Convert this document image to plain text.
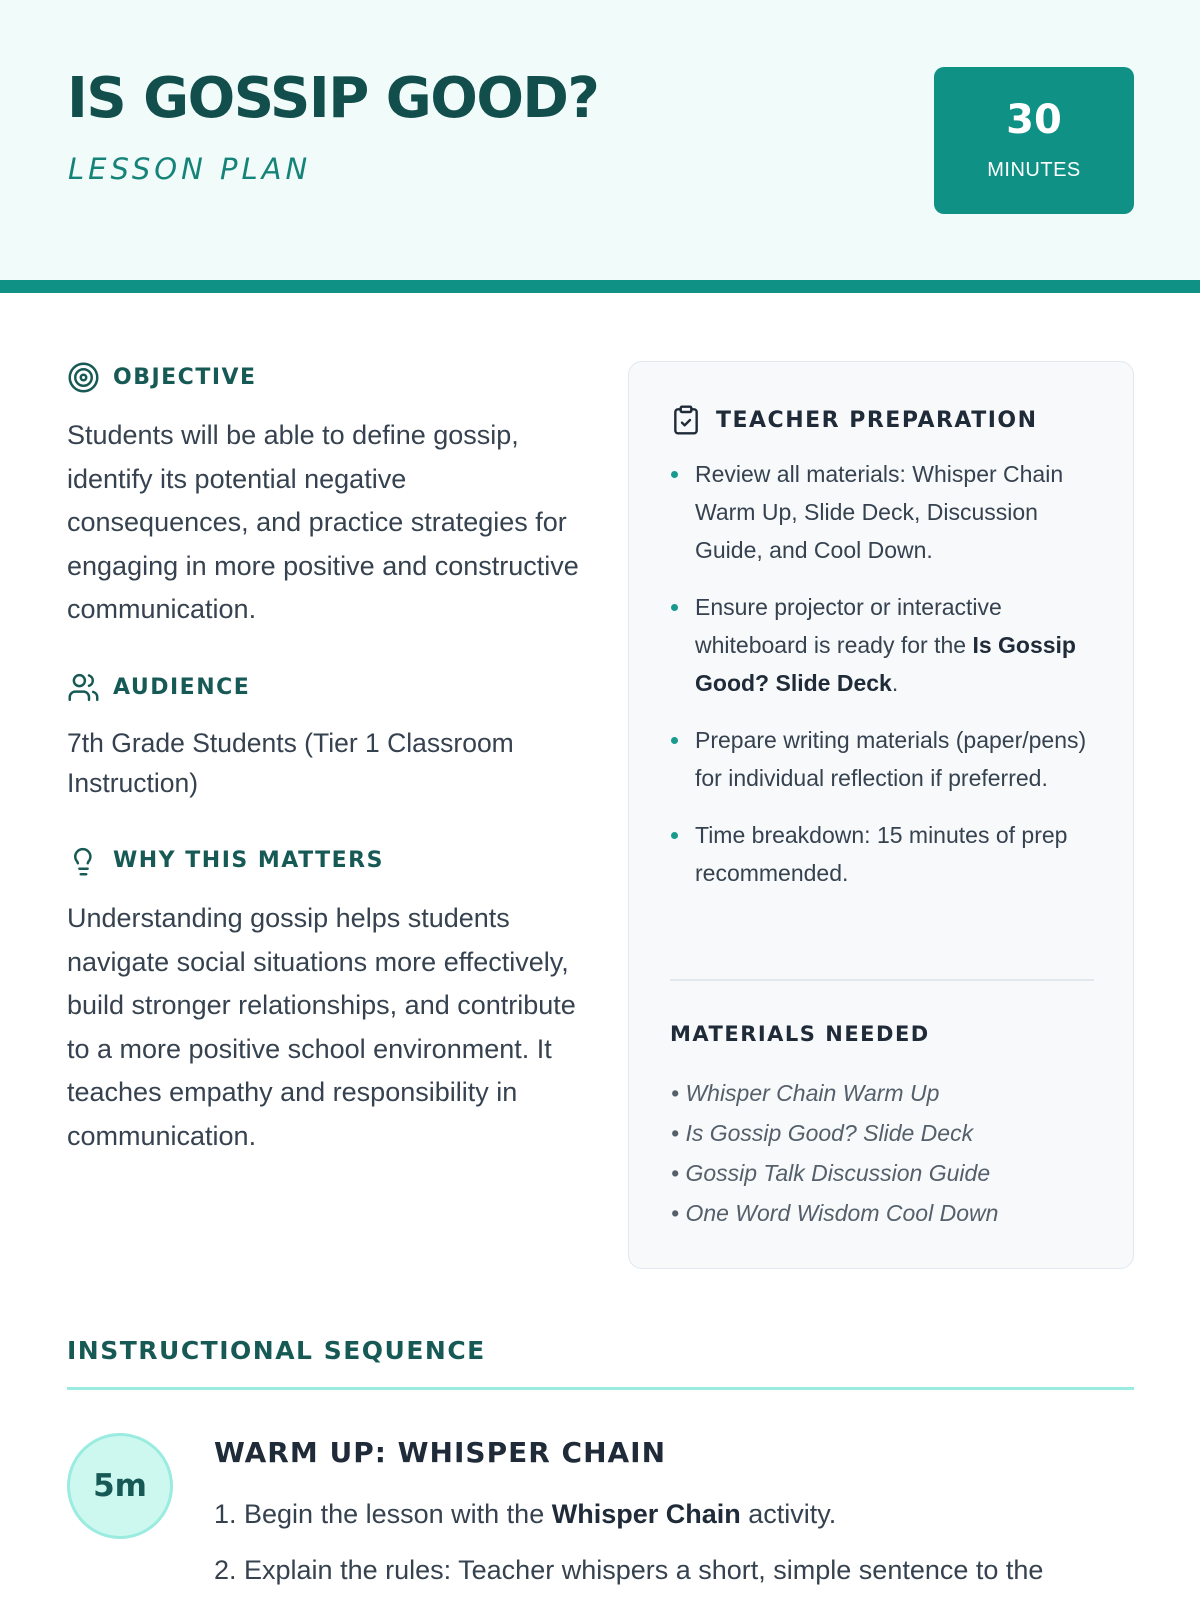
IS GOSSIP GOOD?
LESSON PLAN
30
MINUTES
OBJECTIVE

Students will be able to define gossip, identify its potential negative consequences, and practice strategies for engaging in more positive and constructive communication.

AUDIENCE

7th Grade Students (Tier 1 Classroom Instruction)

WHY THIS MATTERS

Understanding gossip helps students navigate social situations more effectively, build stronger relationships, and contribute to a more positive school environment. It teaches empathy and responsibility in communication.

TEACHER PREPARATION
Review all materials: Whisper Chain Warm Up, Slide Deck, Discussion Guide, and Cool Down.
Ensure projector or interactive whiteboard is ready for the Is Gossip Good? Slide Deck.
Prepare writing materials (paper/pens) for individual reflection if preferred.
Time breakdown: 15 minutes of prep recommended.
MATERIALS NEEDED
• Whisper Chain Warm Up
• Is Gossip Good? Slide Deck
• Gossip Talk Discussion Guide
• One Word Wisdom Cool Down
INSTRUCTIONAL SEQUENCE
5m
WARM UP: WHISPER CHAIN
1. Begin the lesson with the Whisper Chain activity.
2. Explain the rules: Teacher whispers a short, simple sentence to the
